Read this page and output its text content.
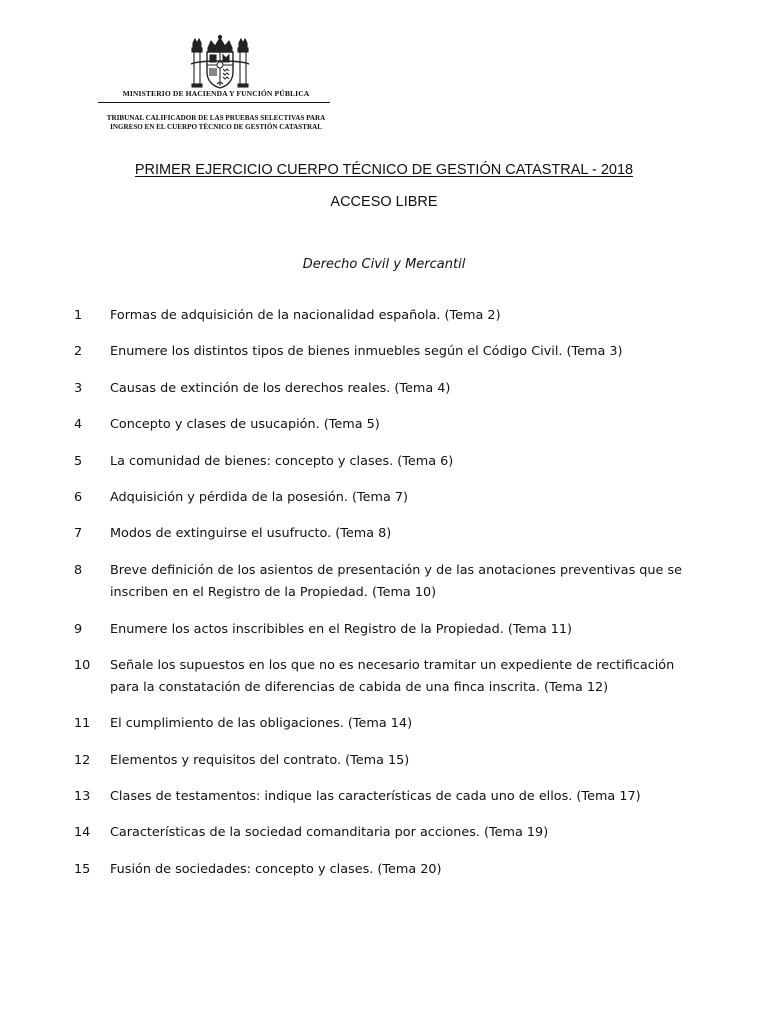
MINISTERIO DE HACIENDA Y FUNCIÓN PÚBLICA
TRIBUNAL CALIFICADOR DE LAS PRUEBAS SELECTIVAS PARA
INGRESO EN EL CUERPO TÉCNICO DE GESTIÓN CATASTRAL
PRIMER EJERCICIO CUERPO TÉCNICO DE GESTIÓN CATASTRAL - 2018
ACCESO LIBRE
Derecho Civil y Mercantil
1	Formas de adquisición de la nacionalidad española. (Tema 2)
2	Enumere los distintos tipos de bienes inmuebles según el Código Civil. (Tema 3)
3	Causas de extinción de los derechos reales. (Tema 4)
4	Concepto y clases de usucapión. (Tema 5)
5	La comunidad de bienes: concepto y clases. (Tema 6)
6	Adquisición y pérdida de la posesión. (Tema 7)
7	Modos de extinguirse el usufructo. (Tema 8)
8	Breve definición de los asientos de presentación y de las anotaciones preventivas que se inscriben en el Registro de la Propiedad. (Tema 10)
9	Enumere los actos inscribibles en el Registro de la Propiedad. (Tema 11)
10	Señale los supuestos en los que no es necesario tramitar un expediente de rectificación para la constatación de diferencias de cabida de una finca inscrita. (Tema 12)
11	El cumplimiento de las obligaciones. (Tema 14)
12	Elementos y requisitos del contrato. (Tema 15)
13	Clases de testamentos: indique las características de cada uno de ellos. (Tema 17)
14	Características de la sociedad comanditaria por acciones. (Tema 19)
15	Fusión de sociedades: concepto y clases. (Tema 20)
